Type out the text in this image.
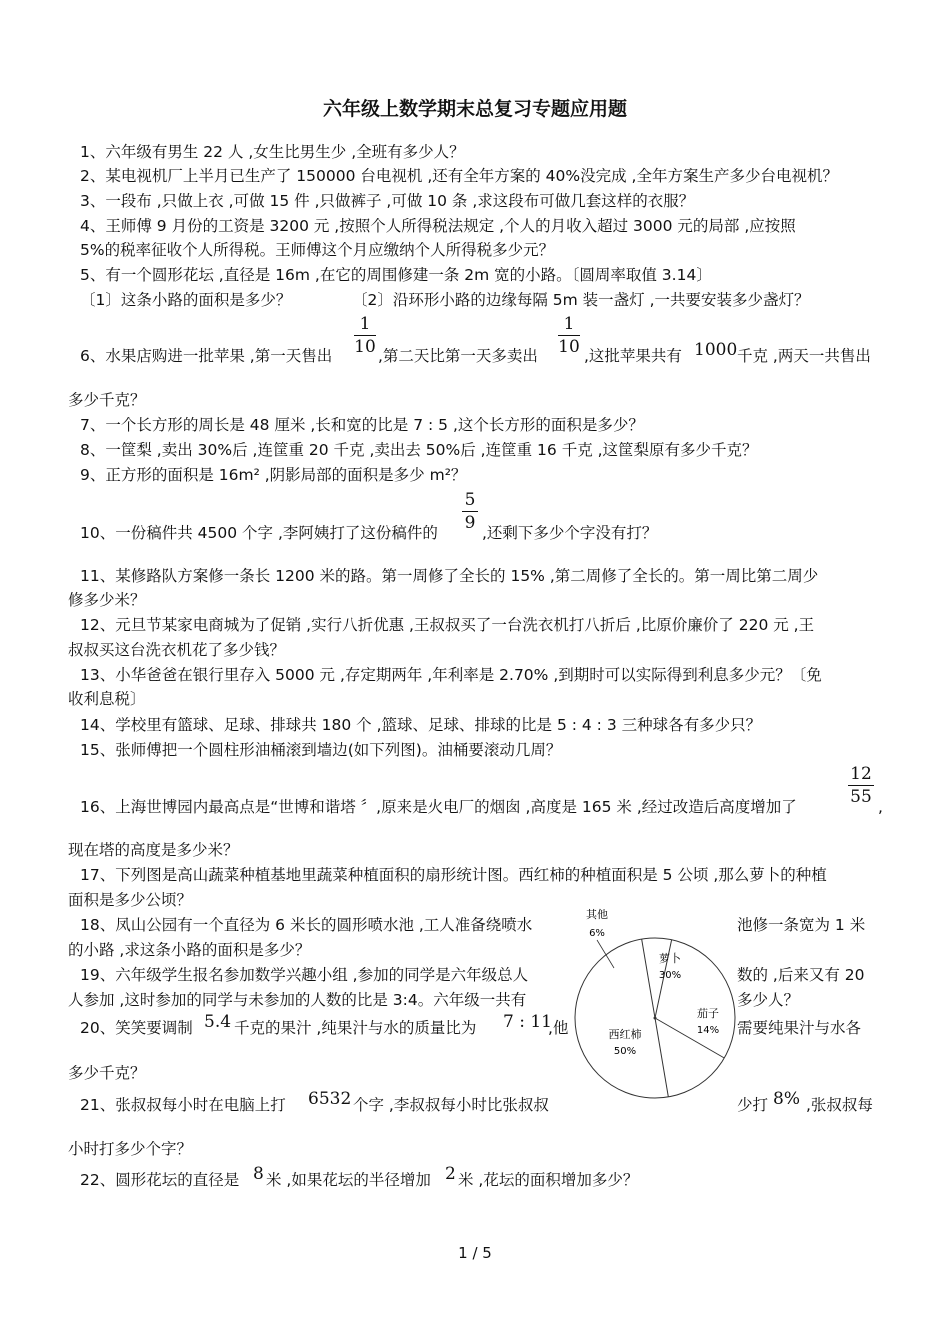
六年级上数学期末总复习专题应用题
1、六年级有男生 22 人 ,女生比男生少 ,全班有多少人？
2、某电视机厂上半月已生产了 150000 台电视机 ,还有全年方案的 40%没完成 ,全年方案生产多少台电视机？
3、一段布 ,只做上衣 ,可做 15 件 ,只做裤子 ,可做 10 条 ,求这段布可做几套这样的衣服？
4、王师傅 9 月份的工资是 3200 元 ,按照个人所得税法规定 ,个人的月收入超过 3000 元的局部 ,应按照
5%的税率征收个人所得税。王师傅这个月应缴纳个人所得税多少元？
5、有一个圆形花坛 ,直径是 16m ,在它的周围修建一条 2m 宽的小路。〔圆周率取值 3.14〕
〔1〕这条小路的面积是多少？	〔2〕沿环形小路的边缘每隔 5m 装一盏灯 ,一共要安装多少盏灯？
6、水果店购进一批苹果 ,第一天售出
1
10 ,第二天比第一天多卖出
1
10 ,这批苹果共有 1000 千克 ,两天一共售出
多少千克？
7、一个长方形的周长是 48 厘米 ,长和宽的比是 7 : 5 ,这个长方形的面积是多少？
8、一筐梨 ,卖出 30%后 ,连筐重 20 千克 ,卖出去 50%后 ,连筐重 16 千克 ,这筐梨原有多少千克？
9、正方形的面积是 16m² ,阴影局部的面积是多少 m²？
10、一份稿件共 4500 个字 ,李阿姨打了这份稿件的
5
9 ,还剩下多少个字没有打？
11、某修路队方案修一条长 1200 米的路。第一周修了全长的 15% ,第二周修了全长的。第一周比第二周少
修多少米？
12、元旦节某家电商城为了促销 ,实行八折优惠 ,王叔叔买了一台洗衣机打八折后 ,比原价廉价了 220 元 ,王
叔叔买这台洗衣机花了多少钱？
13、小华爸爸在银行里存入 5000 元 ,存定期两年 ,年利率是 2.70% ,到期时可以实际得到利息多少元？〔免
收利息税〕
14、学校里有篮球、足球、排球共 180 个 ,篮球、足球、排球的比是 5 : 4 : 3 三种球各有多少只？
15、张师傅把一个圆柱形油桶滚到墙边(如下列图)。油桶要滚动几周？
16、上海世博园内最高点是“世博和谐塔 〞,原来是火电厂的烟囱 ,高度是 165 米 ,经过改造后高度增加了
12
55 ,
现在塔的高度是多少米？
17、下列图是高山蔬菜种植基地里蔬菜种植面积的扇形统计图。西红柿的种植面积是 5 公顷 ,那么萝卜的种植
面积是多少公顷？
18、凤山公园有一个直径为 6 米长的圆形喷水池 ,工人准备绕喷水	池修一条宽为 1 米
的小路 ,求这条小路的面积是多少？
19、六年级学生报名参加数学兴趣小组 ,参加的同学是六年级总人	数的 ,后来又有 20
人参加 ,这时参加的同学与未参加的人数的比是 3:4。六年级一共有	多少人？
20、笑笑要调制 5.4 千克的果汁 ,纯果汁与水的质量比为 7 : 11
,他	需要纯果汁与水各
多少千克？
21、张叔叔每小时在电脑上打 6532 个字 ,李叔叔每小时比张叔叔	少打 8% ,张叔叔每
小时打多少个字？
22、圆形花坛的直径是 8 米 ,如果花坛的半径增加 2 米 ,花坛的面积增加多少？
萝卜
30%
茄子
14%
西红柿
50%
其他
6%
1 / 5
